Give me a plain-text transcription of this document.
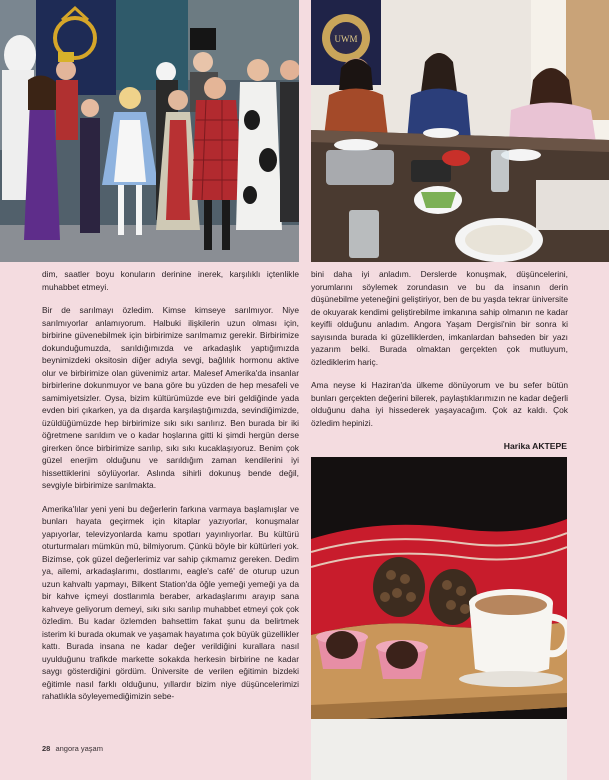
UWM

dim, saatler boyu konuların derinine inerek, karşılıklı içtenlikle muhabbet etmeyi.

Bir de sarılmayı özledim. Kimse kimseye sarılmıyor. Niye sarılmıyorlar anlamıyorum. Halbuki ilişkilerin uzun olması için, birbirine güvenebilmek için birbirimize sarılmamız gerekir. Birbirimize dokunduğumuzda, sarıldığımızda ve arkadaşlık yaptığımızda beynimizdeki oksitosin diğer adıyla sevgi, bağlılık hormonu aktive olur ve birbirimize olan güvenimiz artar. Malesef Amerika'da insanlar birbirlerine dokunmuyor ve bana göre bu yüzden de hep mesafeli ve samimiyetsizler. Oysa, bizim kültürümüzde eve biri geldiğinde yada evden biri çıkarken, ya da dışarda karşılaştığımızda, sevindiğimizde, üzüldüğümüzde hep birbirimize sıkı sıkı sarılırız. Ben burada bir iki öğretmene sarıldım ve o kadar hoşlarına gitti ki şimdi hergün derse girerken önce birbirimize sarılıp, sıkı sıkı kucaklaşıyoruz. Benim çok güzel enerjim olduğunu ve sarıldığım zaman kendilerini iyi hissettiklerini söylüyorlar. Aslında sihirli dokunuş bende değil, sevgiyle birbirimize sarılmakta.

Amerika'lılar yeni yeni bu değerlerin farkına varmaya başlamışlar ve bunları hayata geçirmek için kitaplar yazıyorlar, konuşmalar yapıyorlar, televizyonlarda kamu spotları yayınlıyorlar. Bu kültürü oturturmaları mümkün mü, bilmiyorum. Çünkü böyle bir kültürleri yok. Bizimse, çok güzel değerlerimiz var sahip çıkmamız gereken. Dedim ya, ailemi, arkadaşlarımı, dostlarımı, eagle's café' de oturup uzun uzun kahvaltı yapmayı, Bilkent Station'da öğle yemeği yemeği ya da bir kahve içmeyi dostlarımla beraber, arkadaşlarımı arayıp sana kahveye geliyorum demeyi, sıkı sıkı sarılıp muhabbet etmeyi çok çok özledim. Bu kadar özlemden bahsettim fakat şunu da belirtmek isterim ki burada okumak ve yaşamak hayatıma çok büyük güzellikler kattı. Burada insana ne kadar değer verildiğini kurallara nasıl uyulduğunu trafikde markette sokakda herkesin birbirine ne kadar saygı gösterdiğini gördüm. Üniversite de verilen eğitimin bizdeki eğitimle nasıl farklı olduğunu, yıllardır bizim niye düşüncelerimizi rahatlıkla söyleyemediğimizin sebe-

bini daha iyi anladım. Derslerde konuşmak, düşüncelerini, yorumlarını söylemek zorundasın ve bu da insanın derin düşünebilme yeteneğini geliştiriyor, ben de bu yaşda tekrar üniversite de okuyarak kendimi geliştirebilme imkanına sahip olmanın ne kadar keyifli olduğunu anladım. Angora Yaşam Dergisi'nin bir sonra ki sayısında burada ki güzelliklerden, imkanlardan bahseden bir yazı yazarım belki. Burada olmaktan gerçekten çok mutluyum, özlediklerim hariç.

Ama neyse ki Haziran'da ülkeme dönüyorum ve bu sefer bütün bunları gerçekten değerini bilerek, paylaştıklarımızın ne kadar değerli olduğunu daha iyi hissederek yaşayacağım. Çok az kaldı. Çok özledim hepinizi.

Harika AKTEPE
28 angora yaşam
